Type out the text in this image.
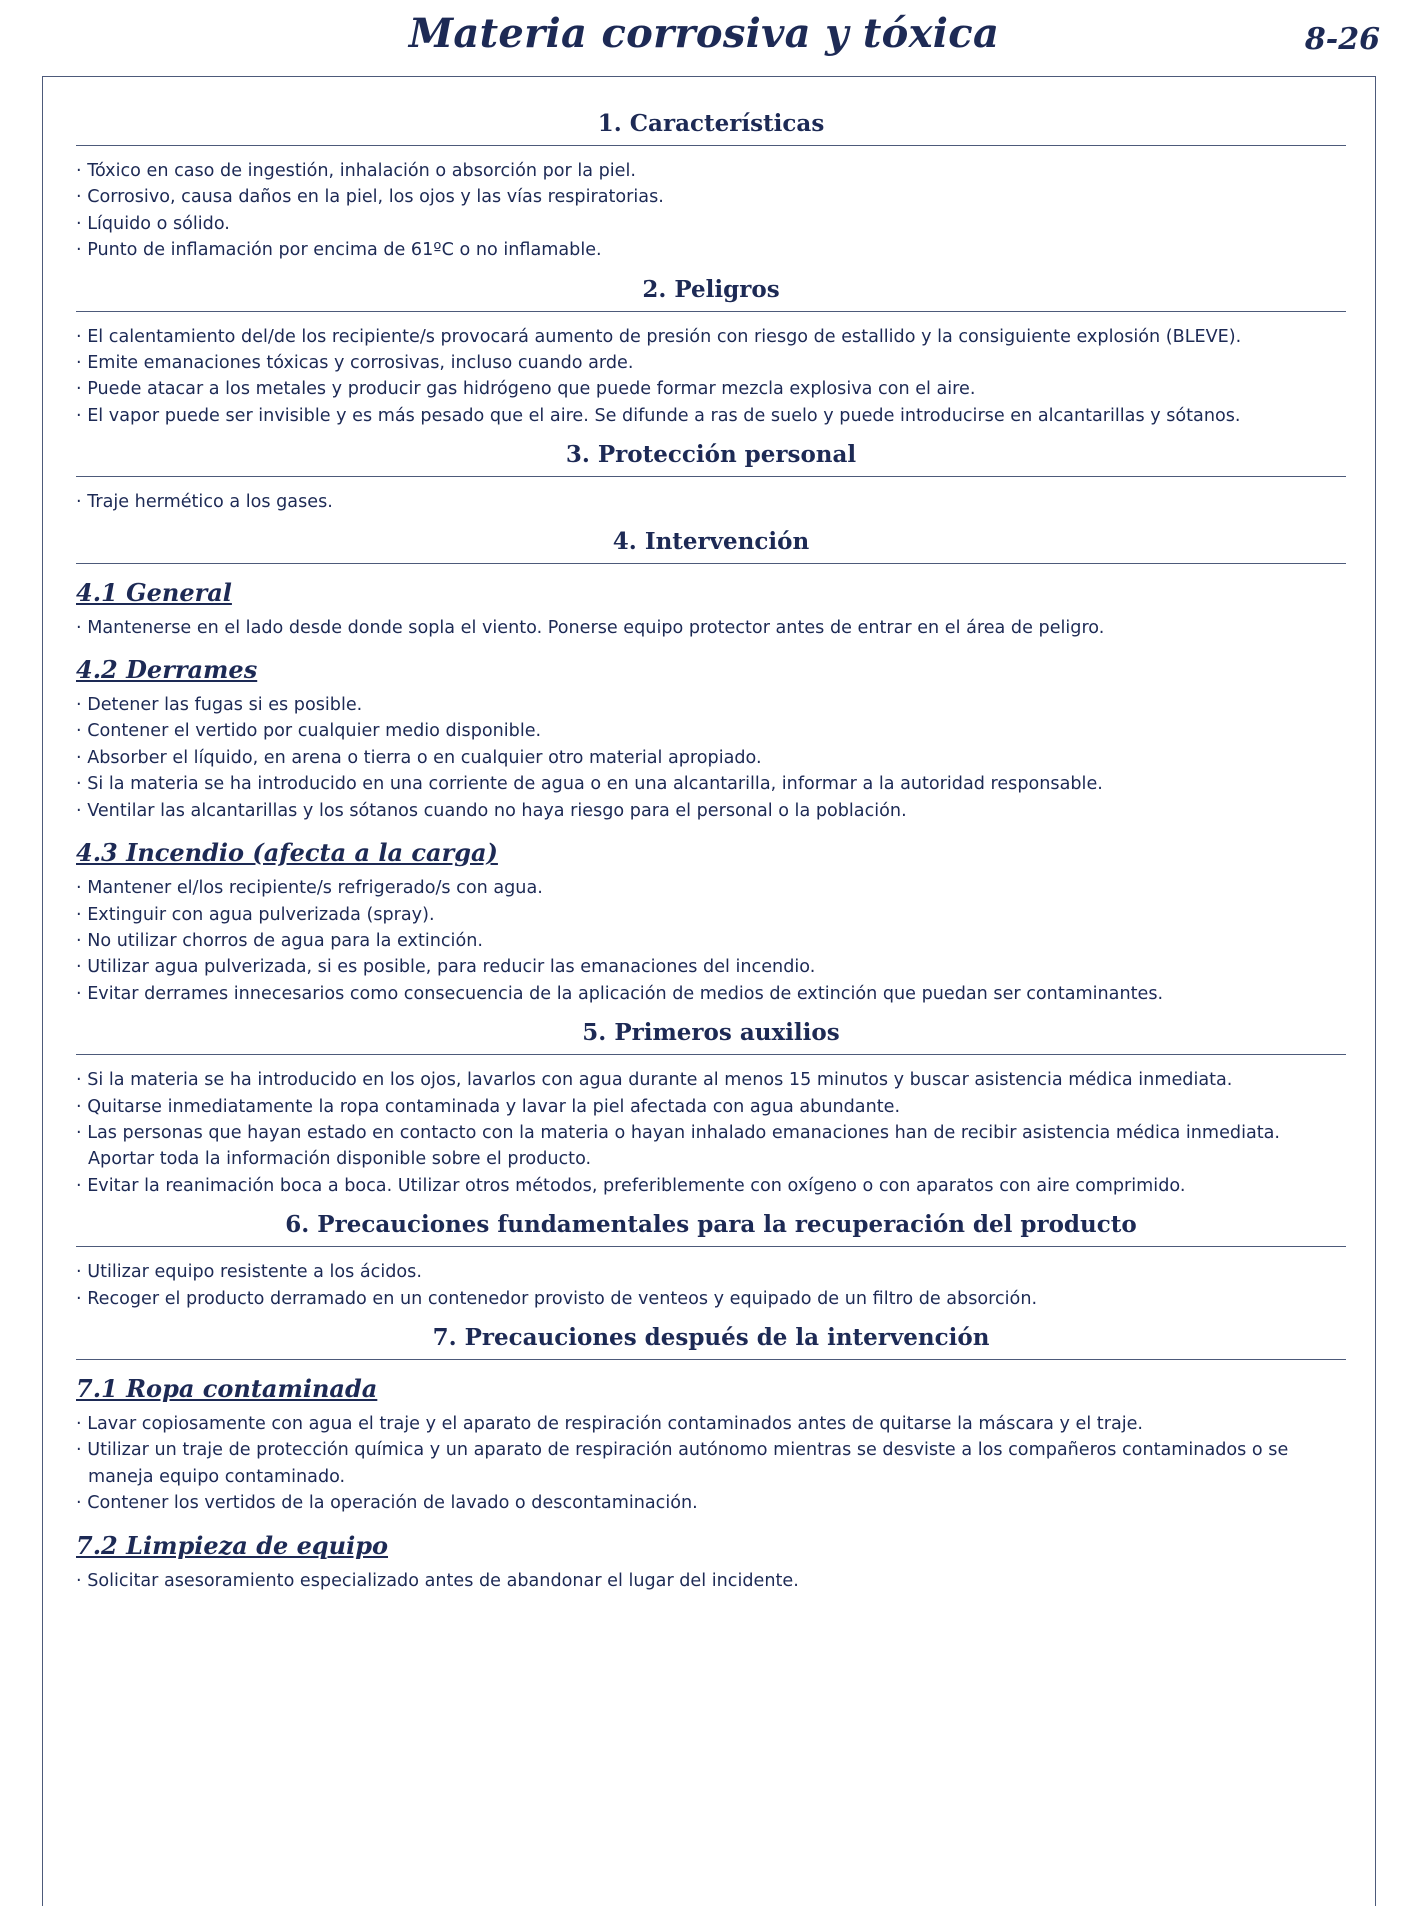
Materia corrosiva y tóxica	8-26
1. Características
· Tóxico en caso de ingestión, inhalación o absorción por la piel.
· Corrosivo, causa daños en la piel, los ojos y las vías respiratorias.
· Líquido o sólido.
· Punto de inflamación por encima de 61ºC o no inflamable.
2. Peligros
· El calentamiento del/de los recipiente/s provocará aumento de presión con riesgo de estallido y la consiguiente explosión (BLEVE).
· Emite emanaciones tóxicas y corrosivas, incluso cuando arde.
· Puede atacar a los metales y producir gas hidrógeno que puede formar mezcla explosiva con el aire.
· El vapor puede ser invisible y es más pesado que el aire. Se difunde a ras de suelo y puede introducirse en alcantarillas y sótanos.
3. Protección personal
· Traje hermético a los gases.
4. Intervención
4.1 General
· Mantenerse en el lado desde donde sopla el viento. Ponerse equipo protector antes de entrar en el área de peligro.
4.2 Derrames
· Detener las fugas si es posible.
· Contener el vertido por cualquier medio disponible.
· Absorber el líquido, en arena o tierra o en cualquier otro material apropiado.
· Si la materia se ha introducido en una corriente de agua o en una alcantarilla, informar a la autoridad responsable.
· Ventilar las alcantarillas y los sótanos cuando no haya riesgo para el personal o la población.
4.3 Incendio (afecta a la carga)
· Mantener el/los recipiente/s refrigerado/s con agua.
· Extinguir con agua pulverizada (spray).
· No utilizar chorros de agua para la extinción.
· Utilizar agua pulverizada, si es posible, para reducir las emanaciones del incendio.
· Evitar derrames innecesarios como consecuencia de la aplicación de medios de extinción que puedan ser contaminantes.
5. Primeros auxilios
· Si la materia se ha introducido en los ojos, lavarlos con agua durante al menos 15 minutos y buscar asistencia médica inmediata.
· Quitarse inmediatamente la ropa contaminada y lavar la piel afectada con agua abundante.
· Las personas que hayan estado en contacto con la materia o hayan inhalado emanaciones han de recibir asistencia médica inmediata. Aportar toda la información disponible sobre el producto.
· Evitar la reanimación boca a boca. Utilizar otros métodos, preferiblemente con oxígeno o con aparatos con aire comprimido.
6. Precauciones fundamentales para la recuperación del producto
· Utilizar equipo resistente a los ácidos.
· Recoger el producto derramado en un contenedor provisto de venteos y equipado de un filtro de absorción.
7. Precauciones después de la intervención
7.1 Ropa contaminada
· Lavar copiosamente con agua el traje y el aparato de respiración contaminados antes de quitarse la máscara y el traje.
· Utilizar un traje de protección química y un aparato de respiración autónomo mientras se desviste a los compañeros contaminados o se maneja equipo contaminado.
· Contener los vertidos de la operación de lavado o descontaminación.
7.2 Limpieza de equipo
· Solicitar asesoramiento especializado antes de abandonar el lugar del incidente.
